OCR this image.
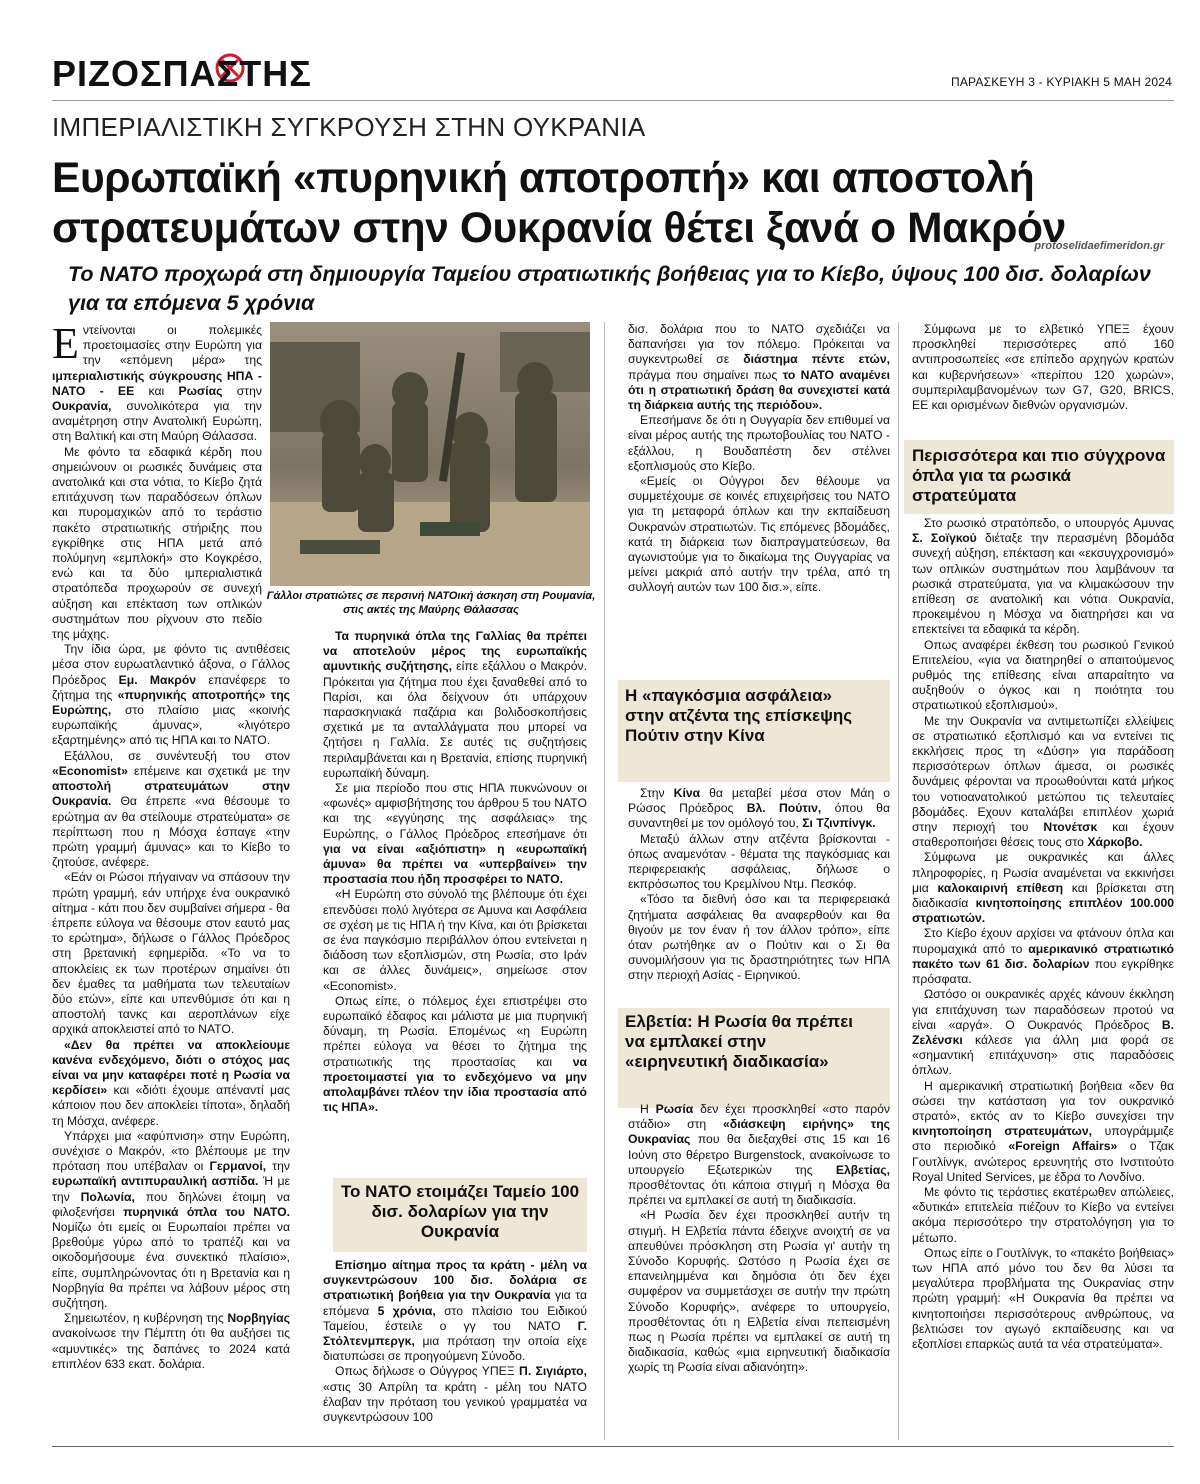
ΡΙΖΟΣΠΑΣΤΗΣ	ΠΑΡΑΣΚΕΥΗ 3 - ΚΥΡΙΑΚΗ 5 ΜΑΗ 2024
ΙΜΠΕΡΙΑΛΙΣΤΙΚΗ ΣΥΓΚΡΟΥΣΗ ΣΤΗΝ ΟΥΚΡΑΝΙΑ
Ευρωπαϊκή «πυρηνική αποτροπή» και αποστολή στρατευμάτων στην Ουκρανία θέτει ξανά ο Μακρόν
protoselidaefimeridon.gr
Το ΝΑΤΟ προχωρά στη δημιουργία Ταμείου στρατιωτικής βοήθειας για το Κίεβο, ύψους 100 δισ. δολαρίων για τα επόμενα 5 χρόνια

Εντείνονται οι πολεμικές προετοιμασίες στην Ευρώπη για την «επόμενη μέρα» της ιμπεριαλιστικής σύγκρουσης ΗΠΑ - ΝΑΤΟ - ΕΕ και Ρωσίας στην Ουκρανία, συνολικότερα για την αναμέτρηση στην Ανατολική Ευρώπη, στη Βαλτική και στη Μαύρη Θάλασσα.

Με φόντο τα εδαφικά κέρδη που σημειώνουν οι ρωσικές δυνάμεις στα ανατολικά και στα νότια, το Κίεβο ζητά επιτάχυνση των παραδόσεων όπλων και πυρομαχικών από το τεράστιο πακέτο στρατιωτικής στήριξης που εγκρίθηκε στις ΗΠΑ μετά από πολύμηνη «εμπλοκή» στο Κογκρέσο, ενώ και τα δύο ιμπεριαλιστικά στρατόπεδα προχωρούν σε συνεχή αύξηση και επέκταση των οπλικών συστημάτων που ρίχνουν στο πεδίο της μάχης.

Την ίδια ώρα, με φόντο τις αντιθέσεις μέσα στον ευρωατλαντικό άξονα, ο Γάλλος Πρόεδρος Εμ. Μακρόν επανέφερε το ζήτημα της «πυρηνικής αποτροπής» της Ευρώπης, στο πλαίσιο μιας «κοινής ευρωπαϊκής άμυνας», «λιγότερο εξαρτημένης» από τις ΗΠΑ και το ΝΑΤΟ.

Εξάλλου, σε συνέντευξή του στον «Economist» επέμεινε και σχετικά με την αποστολή στρατευμάτων στην Ουκρανία. Θα έπρεπε «να θέσουμε το ερώτημα αν θα στείλουμε στρατεύματα» σε περίπτωση που η Μόσχα έσπαγε «την πρώτη γραμμή άμυνας» και το Κίεβο το ζητούσε, ανέφερε.

«Εάν οι Ρώσοι πήγαιναν να σπάσουν την πρώτη γραμμή, εάν υπήρχε ένα ουκρανικό αίτημα - κάτι που δεν συμβαίνει σήμερα - θα έπρεπε εύλογα να θέσουμε στον εαυτό μας το ερώτημα», δήλωσε ο Γάλλος Πρόεδρος στη βρετανική εφημερίδα. «Το να το αποκλείεις εκ των προτέρων σημαίνει ότι δεν έμαθες τα μαθήματα των τελευταίων δύο ετών», είπε και υπενθύμισε ότι και η αποστολή τανκς και αεροπλάνων είχε αρχικά αποκλειστεί από το ΝΑΤΟ.

«Δεν θα πρέπει να αποκλείουμε κανένα ενδεχόμενο, διότι ο στόχος μας είναι να μην καταφέρει ποτέ η Ρωσία να κερδίσει» και «διότι έχουμε απέναντί μας κάποιον που δεν αποκλείει τίποτα», δηλαδή τη Μόσχα, ανέφερε.

Υπάρχει μια «αφύπνιση» στην Ευρώπη, συνέχισε ο Μακρόν, «το βλέπουμε με την πρόταση που υπέβαλαν οι Γερμανοί, την ευρωπαϊκή αντιπυραυλική ασπίδα. Ή με την Πολωνία, που δηλώνει έτοιμη να φιλοξενήσει πυρηνικά όπλα του ΝΑΤΟ. Νομίζω ότι εμείς οι Ευρωπαίοι πρέπει να βρεθούμε γύρω από το τραπέζι και να οικοδομήσουμε ένα συνεκτικό πλαίσιο», είπε, συμπληρώνοντας ότι η Βρετανία και η Νορβηγία θα πρέπει να λάβουν μέρος στη συζήτηση.

Σημειωτέον, η κυβέρνηση της Νορβηγίας ανακοίνωσε την Πέμπτη ότι θα αυξήσει τις «αμυντικές» της δαπάνες το 2024 κατά επιπλέον 633 εκατ. δολάρια.

Γάλλοι στρατιώτες σε περσινή ΝΑΤΟική άσκηση στη Ρουμανία, στις ακτές της Μαύρης Θάλασσας

Τα πυρηνικά όπλα της Γαλλίας θα πρέπει να αποτελούν μέρος της ευρωπαϊκής αμυντικής συζήτησης, είπε εξάλλου ο Μακρόν. Πρόκειται για ζήτημα που έχει ξαναθεθεί από το Παρίσι, και όλα δείχνουν ότι υπάρχουν παρασκηνιακά παζάρια και βολιδοσκοπήσεις σχετικά με τα ανταλλάγματα που μπορεί να ζητήσει η Γαλλία. Σε αυτές τις συζητήσεις περιλαμβάνεται και η Βρετανία, επίσης πυρηνική ευρωπαϊκή δύναμη.

Σε μια περίοδο που στις ΗΠΑ πυκνώνουν οι «φωνές» αμφισβήτησης του άρθρου 5 του ΝΑΤΟ και της «εγγύησης της ασφάλειας» της Ευρώπης, ο Γάλλος Πρόεδρος επεσήμανε ότι για να είναι «αξιόπιστη» η «ευρωπαϊκή άμυνα» θα πρέπει να «υπερβαίνει» την προστασία που ήδη προσφέρει το ΝΑΤΟ.

«Η Ευρώπη στο σύνολό της βλέπουμε ότι έχει επενδύσει πολύ λιγότερα σε Αμυνα και Ασφάλεια σε σχέση με τις ΗΠΑ ή την Κίνα, και ότι βρίσκεται σε ένα παγκόσμιο περιβάλλον όπου εντείνεται η διάδοση των εξοπλισμών, στη Ρωσία, στο Ιράν και σε άλλες δυνάμεις», σημείωσε στον «Economist».

Οπως είπε, ο πόλεμος έχει επιστρέψει στο ευρωπαϊκό έδαφος και μάλιστα με μια πυρηνική δύναμη, τη Ρωσία. Επομένως «η Ευρώπη πρέπει εύλογα να θέσει το ζήτημα της στρατιωτικής της προστασίας και να προετοιμαστεί για το ενδεχόμενο να μην απολαμβάνει πλέον την ίδια προστασία από τις ΗΠΑ».

Το ΝΑΤΟ ετοιμάζει Ταμείο 100 δισ. δολαρίων για την Ουκρανία

Επίσημο αίτημα προς τα κράτη - μέλη να συγκεντρώσουν 100 δισ. δολάρια σε στρατιωτική βοήθεια για την Ουκρανία για τα επόμενα 5 χρόνια, στο πλαίσιο του Ειδικού Ταμείου, έστειλε ο γγ του ΝΑΤΟ Γ. Στόλτενμπεργκ, μια πρόταση την οποία είχε διατυπώσει σε προηγούμενη Σύνοδο.

Οπως δήλωσε ο Ούγγρος ΥΠΕΞ Π. Σιγιάρτο, «στις 30 Απρίλη τα κράτη - μέλη του ΝΑΤΟ έλαβαν την πρόταση του γενικού γραμματέα να συγκεντρώσουν 100

δισ. δολάρια που το ΝΑΤΟ σχεδιάζει να δαπανήσει για τον πόλεμο. Πρόκειται να συγκεντρωθεί σε διάστημα πέντε ετών, πράγμα που σημαίνει πως το ΝΑΤΟ αναμένει ότι η στρατιωτική δράση θα συνεχιστεί κατά τη διάρκεια αυτής της περιόδου».

Επεσήμανε δε ότι η Ουγγαρία δεν επιθυμεί να είναι μέρος αυτής της πρωτοβουλίας του ΝΑΤΟ - εξάλλου, η Βουδαπέστη δεν στέλνει εξοπλισμούς στο Κίεβο.

«Εμείς οι Ούγγροι δεν θέλουμε να συμμετέχουμε σε κοινές επιχειρήσεις του ΝΑΤΟ για τη μεταφορά όπλων και την εκπαίδευση Ουκρανών στρατιωτών. Τις επόμενες βδομάδες, κατά τη διάρκεια των διαπραγματεύσεων, θα αγωνιστούμε για το δικαίωμα της Ουγγαρίας να μείνει μακριά από αυτήν την τρέλα, από τη συλλογή αυτών των 100 δισ.», είπε.

Η «παγκόσμια ασφάλεια» στην ατζέντα της επίσκεψης Πούτιν στην Κίνα

Στην Κίνα θα μεταβεί μέσα στον Μάη ο Ρώσος Πρόεδρος Βλ. Πούτιν, όπου θα συναντηθεί με τον ομόλογό του, Σι Τζινπίνγκ.

Μεταξύ άλλων στην ατζέντα βρίσκονται - όπως αναμενόταν - θέματα της παγκόσμιας και περιφερειακής ασφάλειας, δήλωσε ο εκπρόσωπος του Κρεμλίνου Ντμ. Πεσκόφ.

«Τόσο τα διεθνή όσο και τα περιφερειακά ζητήματα ασφάλειας θα αναφερθούν και θα θιγούν με τον έναν ή τον άλλον τρόπο», είπε όταν ρωτήθηκε αν ο Πούτιν και ο Σι θα συνομιλήσουν για τις δραστηριότητες των ΗΠΑ στην περιοχή Ασίας - Ειρηνικού.

Ελβετία: Η Ρωσία θα πρέπει να εμπλακεί στην «ειρηνευτική διαδικασία»

Η Ρωσία δεν έχει προσκληθεί «στο παρόν στάδιο» στη «διάσκεψη ειρήνης» της Ουκρανίας που θα διεξαχθεί στις 15 και 16 Ιούνη στο θέρετρο Burgenstock, ανακοίνωσε το υπουργείο Εξωτερικών της Ελβετίας, προσθέτοντας ότι κάποια στιγμή η Μόσχα θα πρέπει να εμπλακεί σε αυτή τη διαδικασία.

«Η Ρωσία δεν έχει προσκληθεί αυτήν τη στιγμή. Η Ελβετία πάντα έδειχνε ανοιχτή σε να απευθύνει πρόσκληση στη Ρωσία γι' αυτήν τη Σύνοδο Κορυφής. Ωστόσο η Ρωσία έχει σε επανειλημμένα και δημόσια ότι δεν έχει συμφέρον να συμμετάσχει σε αυτήν την πρώτη Σύνοδο Κορυφής», ανέφερε το υπουργείο, προσθέτοντας ότι η Ελβετία είναι πεπεισμένη πως η Ρωσία πρέπει να εμπλακεί σε αυτή τη διαδικασία, καθώς «μια ειρηνευτική διαδικασία χωρίς τη Ρωσία είναι αδιανόητη».

Σύμφωνα με το ελβετικό ΥΠΕΞ έχουν προσκληθεί περισσότερες από 160 αντιπροσωπείες «σε επίπεδο αρχηγών κρατών και κυβερνήσεων» «περίπου 120 χωρών», συμπεριλαμβανομένων των G7, G20, BRICS, ΕΕ και ορισμένων διεθνών οργανισμών.

Περισσότερα και πιο σύγχρονα όπλα για τα ρωσικά στρατεύματα

Στο ρωσικό στρατόπεδο, ο υπουργός Αμυνας Σ. Σοϊγκού διέταξε την περασμένη βδομάδα συνεχή αύξηση, επέκταση και «εκσυγχρονισμό» των οπλικών συστημάτων που λαμβάνουν τα ρωσικά στρατεύματα, για να κλιμακώσουν την επίθεση σε ανατολική και νότια Ουκρανία, προκειμένου η Μόσχα να διατηρήσει και να επεκτείνει τα εδαφικά τα κέρδη.

Οπως αναφέρει έκθεση του ρωσικού Γενικού Επιτελείου, «για να διατηρηθεί ο απαιτούμενος ρυθμός της επίθεσης είναι απαραίτητο να αυξηθούν ο όγκος και η ποιότητα του στρατιωτικού εξοπλισμού».

Με την Ουκρανία να αντιμετωπίζει ελλείψεις σε στρατιωτικό εξοπλισμό και να εντείνει τις εκκλήσεις προς τη «Δύση» για παράδοση περισσότερων όπλων άμεσα, οι ρωσικές δυνάμεις φέρονται να προωθούνται κατά μήκος του νοτιοανατολικού μετώπου τις τελευταίες βδομάδες. Εχουν καταλάβει επιπλέον χωριά στην περιοχή του Ντονέτσκ και έχουν σταθεροποιήσει θέσεις τους στο Χάρκοβο.

Σύμφωνα με ουκρανικές και άλλες πληροφορίες, η Ρωσία αναμένεται να εκκινήσει μια καλοκαιρινή επίθεση και βρίσκεται στη διαδικασία κινητοποίησης επιπλέον 100.000 στρατιωτών.

Στο Κίεβο έχουν αρχίσει να φτάνουν όπλα και πυρομαχικά από το αμερικανικό στρατιωτικό πακέτο των 61 δισ. δολαρίων που εγκρίθηκε πρόσφατα.

Ωστόσο οι ουκρανικές αρχές κάνουν έκκληση για επιτάχυνση των παραδόσεων προτού να είναι «αργά». Ο Ουκρανός Πρόεδρος Β. Ζελένσκι κάλεσε για άλλη μια φορά σε «σημαντική επιτάχυνση» στις παραδόσεις όπλων.

Η αμερικανική στρατιωτική βοήθεια «δεν θα σώσει την κατάσταση για τον ουκρανικό στρατό», εκτός αν το Κίεβο συνεχίσει την κινητοποίηση στρατευμάτων, υπογράμμιζε στο περιοδικό «Foreign Affairs» ο Τζακ Γουτλίνγκ, ανώτερος ερευνητής στο Ινστιτούτο Royal United Services, με έδρα το Λονδίνο.

Με φόντο τις τεράστιες εκατέρωθεν απώλειες, «δυτικά» επιτελεία πιέζουν το Κίεβο να εντείνει ακόμα περισσότερο την στρατολόγηση για το μέτωπο.

Οπως είπε ο Γουτλίνγκ, το «πακέτο βοήθειας» των ΗΠΑ από μόνο του δεν θα λύσει τα μεγαλύτερα προβλήματα της Ουκρανίας στην πρώτη γραμμή: «Η Ουκρανία θα πρέπει να κινητοποιήσει περισσότερους ανθρώπους, να βελτιώσει τον αγωγό εκπαίδευσης και να εξοπλίσει επαρκώς αυτά τα νέα στρατεύματα».
